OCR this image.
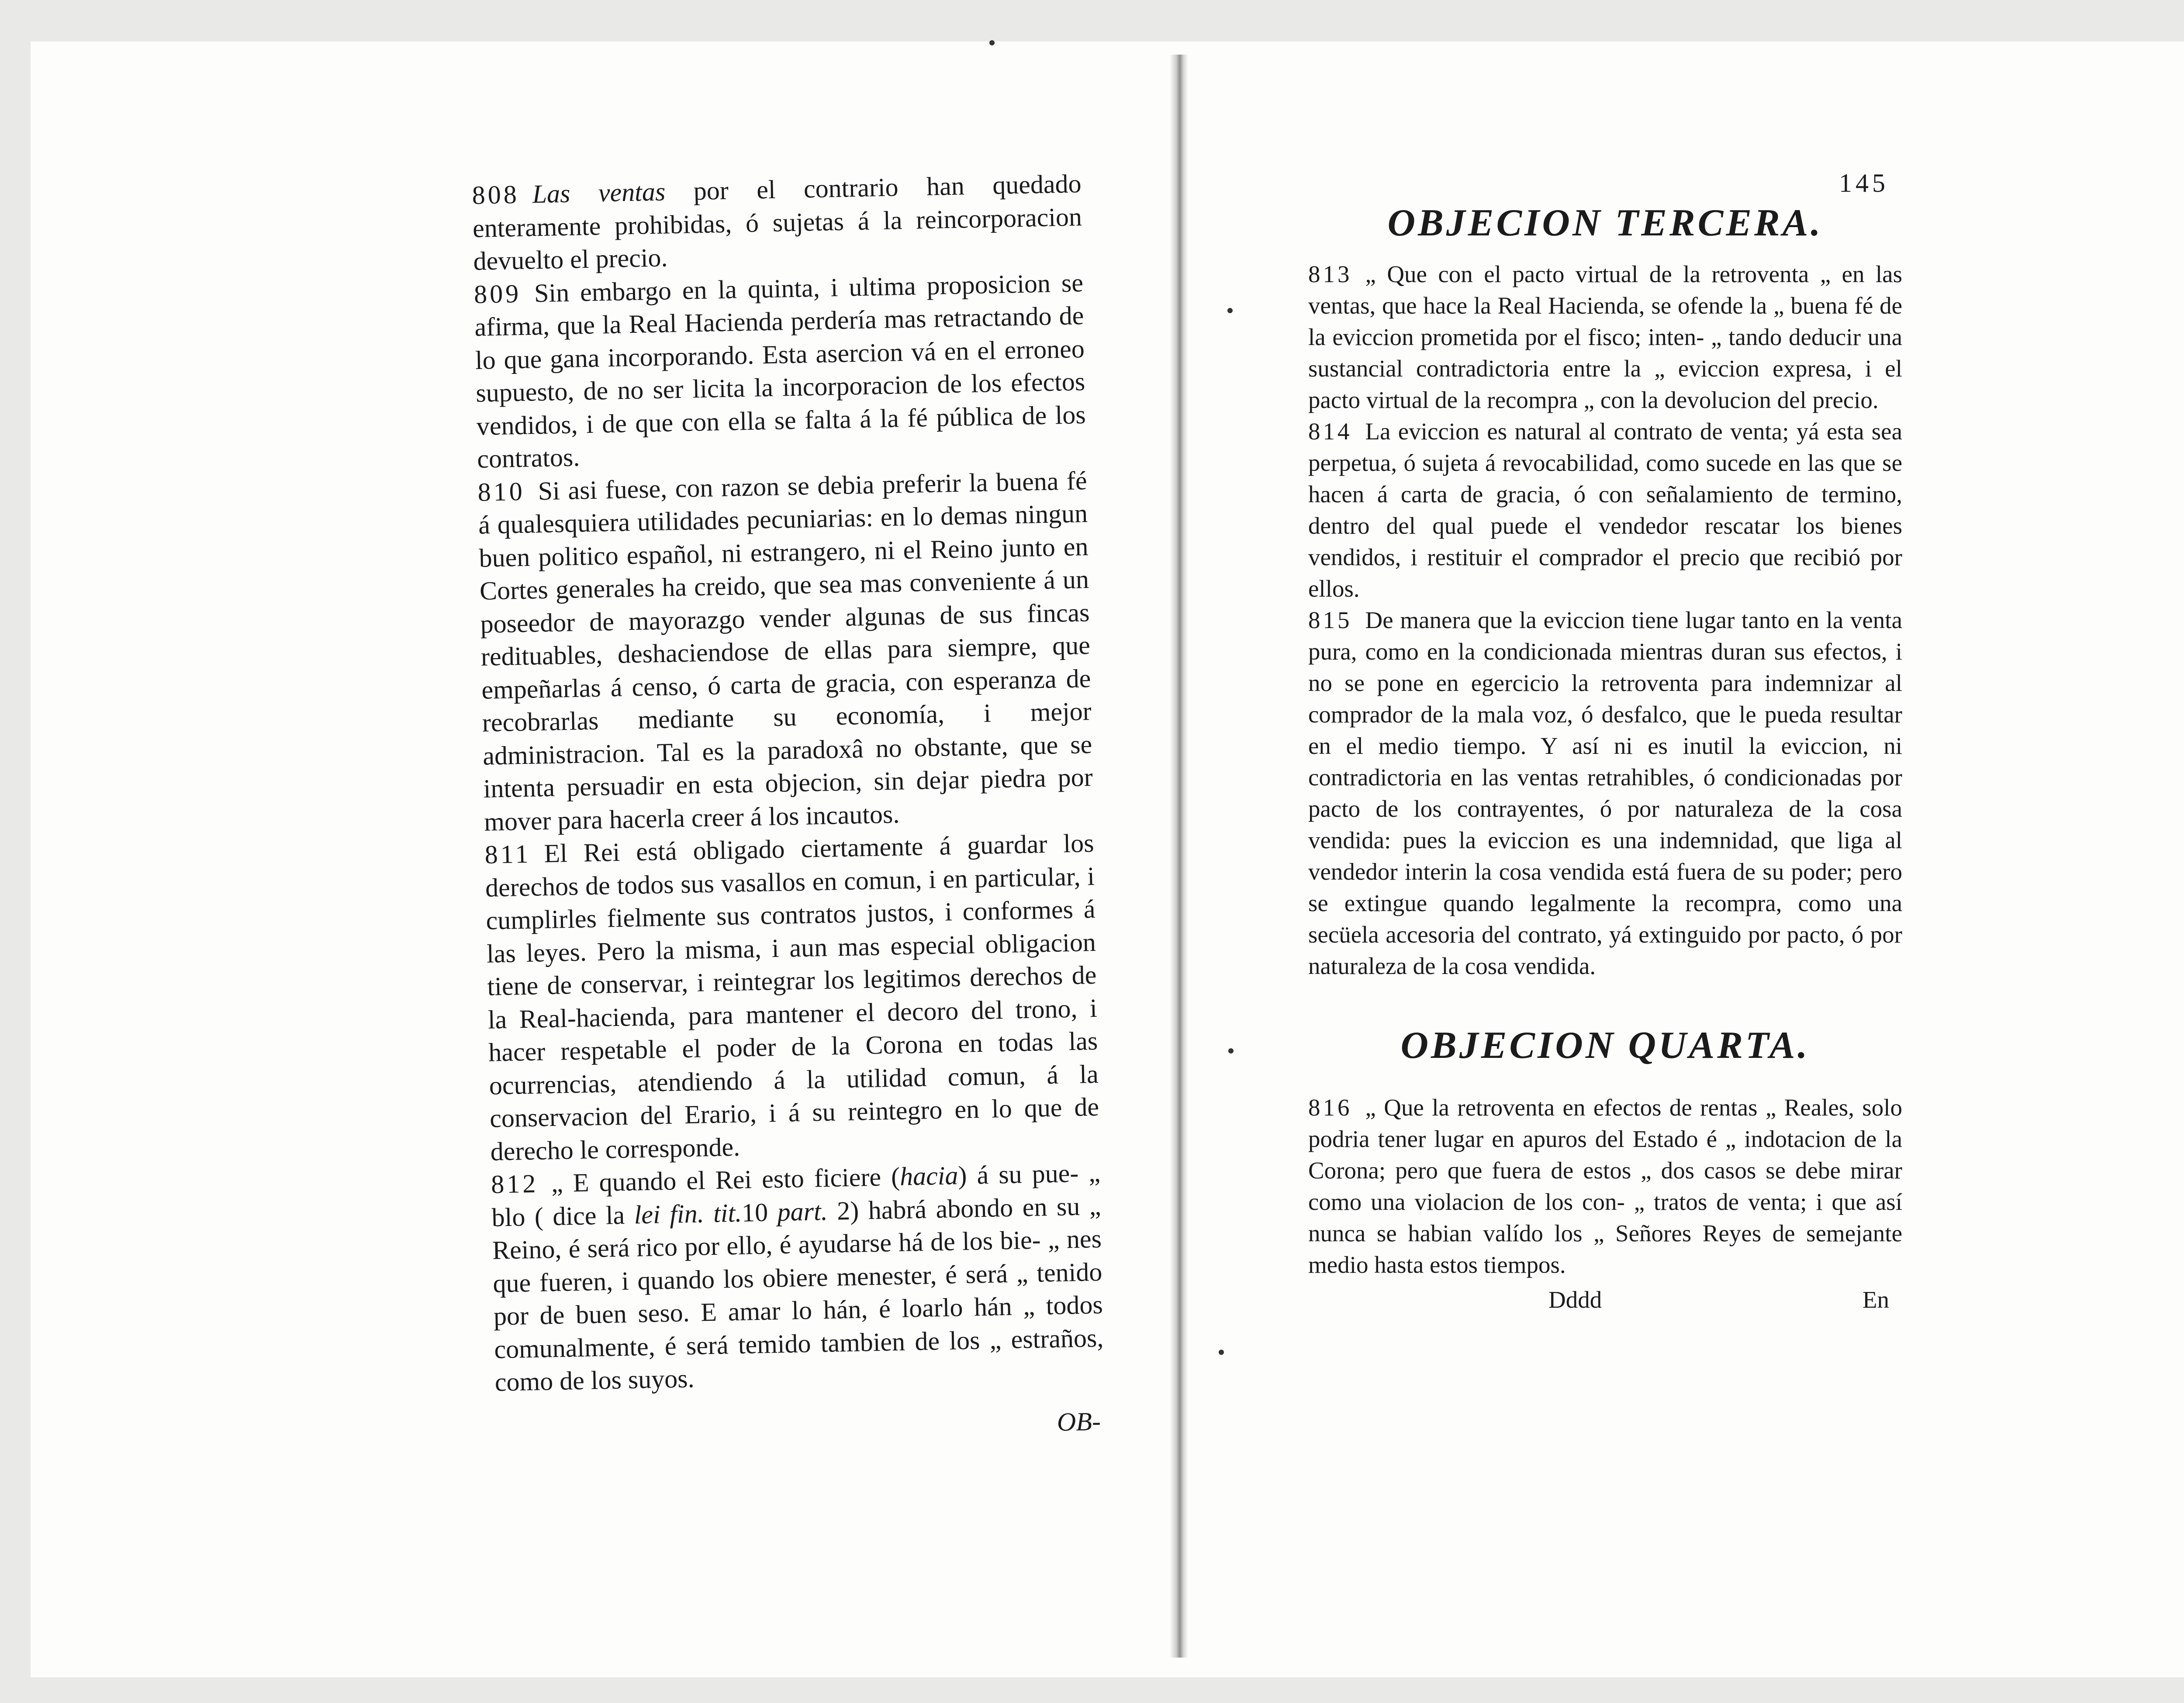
808 Las ventas por el contrario han quedado enteramente prohibidas, ó sujetas á la reincorporacion devuelto el precio.

809 Sin embargo en la quinta, i ultima proposicion se afirma, que la Real Hacienda perdería mas retractando de lo que gana incorporando. Esta asercion vá en el erroneo supuesto, de no ser licita la incorporacion de los efectos vendidos, i de que con ella se falta á la fé pública de los contratos.

810 Si asi fuese, con razon se debia preferir la buena fé á qualesquiera utilidades pecuniarias: en lo demas ningun buen politico español, ni estrangero, ni el Reino junto en Cortes generales ha creido, que sea mas conveniente á un poseedor de mayorazgo vender algunas de sus fincas redituables, deshaciendose de ellas para siempre, que empeñarlas á censo, ó carta de gracia, con esperanza de recobrarlas mediante su economía, i mejor administracion. Tal es la paradoxâ no obstante, que se intenta persuadir en esta objecion, sin dejar piedra por mover para hacerla creer á los incautos.

811 El Rei está obligado ciertamente á guardar los derechos de todos sus vasallos en comun, i en particular, i cumplirles fielmente sus contratos justos, i conformes á las leyes. Pero la misma, i aun mas especial obligacion tiene de conservar, i reintegrar los legitimos derechos de la Real-hacienda, para mantener el decoro del trono, i hacer respetable el poder de la Corona en todas las ocurrencias, atendiendo á la utilidad comun, á la conservacion del Erario, i á su reintegro en lo que de derecho le corresponde.

812 „ E quando el Rei esto ficiere (hacia) á su pue- „ blo ( dice la lei fin. tit.10 part. 2) habrá abondo en su „ Reino, é será rico por ello, é ayudarse há de los bie- „ nes que fueren, i quando los obiere menester, é será „ tenido por de buen seso. E amar lo hán, é loarlo hán „ todos comunalmente, é será temido tambien de los „ estraños, como de los suyos.

OB-
145
OBJECION TERCERA.

813 „ Que con el pacto virtual de la retroventa „ en las ventas, que hace la Real Hacienda, se ofende la „ buena fé de la eviccion prometida por el fisco; inten- „ tando deducir una sustancial contradictoria entre la „ eviccion expresa, i el pacto virtual de la recompra „ con la devolucion del precio.

814 La eviccion es natural al contrato de venta; yá esta sea perpetua, ó sujeta á revocabilidad, como sucede en las que se hacen á carta de gracia, ó con señalamiento de termino, dentro del qual puede el vendedor rescatar los bienes vendidos, i restituir el comprador el precio que recibió por ellos.

815 De manera que la eviccion tiene lugar tanto en la venta pura, como en la condicionada mientras duran sus efectos, i no se pone en egercicio la retroventa para indemnizar al comprador de la mala voz, ó desfalco, que le pueda resultar en el medio tiempo. Y así ni es inutil la eviccion, ni contradictoria en las ventas retrahibles, ó condicionadas por pacto de los contrayentes, ó por naturaleza de la cosa vendida: pues la eviccion es una indemnidad, que liga al vendedor interin la cosa vendida está fuera de su poder; pero se extingue quando legalmente la recompra, como una secüela accesoria del contrato, yá extinguido por pacto, ó por naturaleza de la cosa vendida.

OBJECION QUARTA.

816 „ Que la retroventa en efectos de rentas „ Reales, solo podria tener lugar en apuros del Estado é „ indotacion de la Corona; pero que fuera de estos „ dos casos se debe mirar como una violacion de los con- „ tratos de venta; i que así nunca se habian valído los „ Señores Reyes de semejante medio hasta estos tiempos.

Dddd	En
